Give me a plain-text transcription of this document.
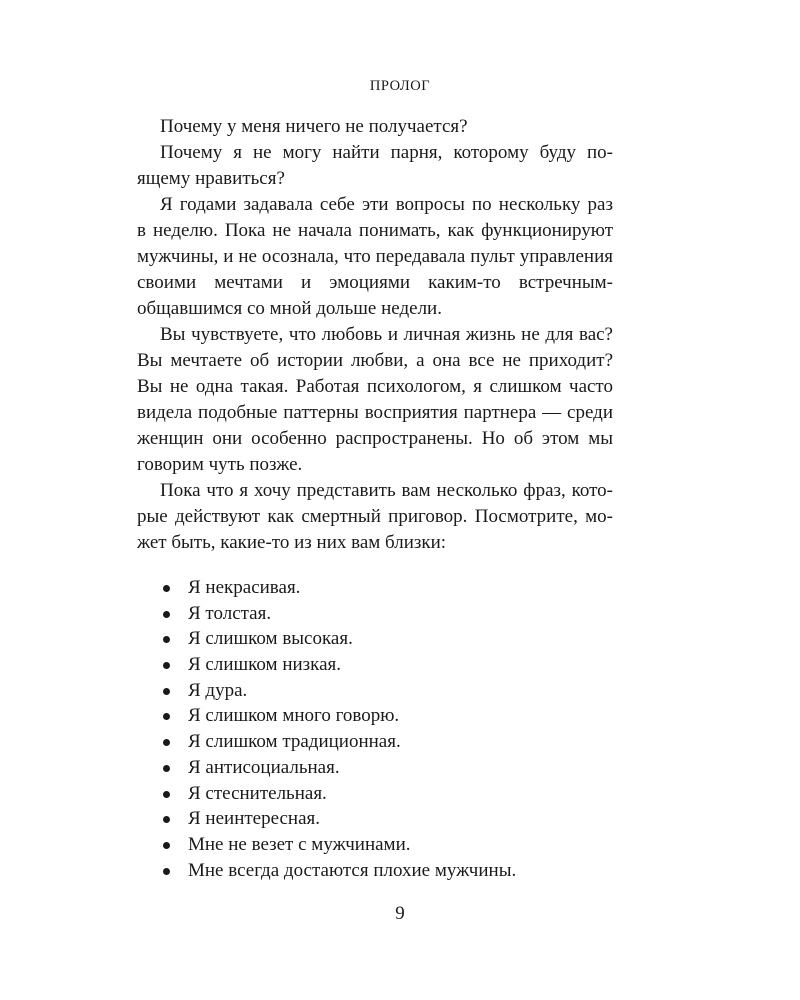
ПРОЛОГ

Почему у меня ничего не получается?

Почему я не могу найти парня, которому буду по-
ящему нравиться?

Я годами задавала себе эти вопросы по нескольку раз
в неделю. Пока не начала понимать, как функционируют
мужчины, и не осознала, что передавала пульт управления
своими мечтами и эмоциями каким-то встречным-
общавшимся со мной дольше недели.

Вы чувствуете, что любовь и личная жизнь не для вас?
Вы мечтаете об истории любви, а она все не приходит?
Вы не одна такая. Работая психологом, я слишком часто
видела подобные паттерны восприятия партнера — среди
женщин они особенно распространены. Но об этом мы
говорим чуть позже.

Пока что я хочу представить вам несколько фраз, кото-
рые действуют как смертный приговор. Посмотрите, мо-
жет быть, какие-то из них вам близки:

Я некрасивая.
Я толстая.
Я слишком высокая.
Я слишком низкая.
Я дура.
Я слишком много говорю.
Я слишком традиционная.
Я антисоциальная.
Я стеснительная.
Я неинтересная.
Мне не везет с мужчинами.
Мне всегда достаются плохие мужчины.
9
